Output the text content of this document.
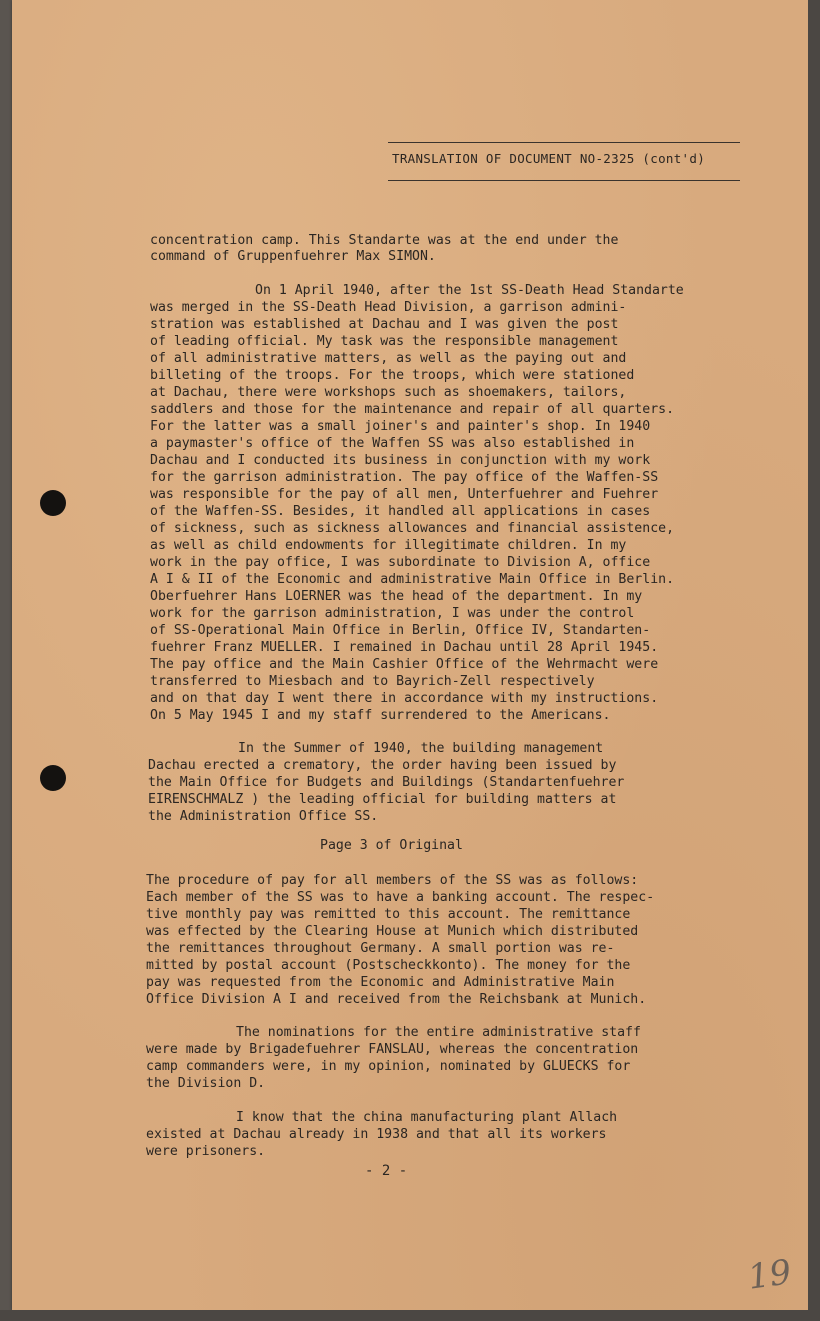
TRANSLATION OF DOCUMENT NO-2325 (cont'd)
concentration camp. This Standarte was at the end under the
command of Gruppenfuehrer Max SIMON.
On 1 April 1940, after the 1st SS-Death Head Standarte
was merged in the SS-Death Head Division, a garrison admini-
stration was established at Dachau and I was given the post
of leading official. My task was the responsible management
of all administrative matters, as well as the paying out and
billeting of the troops. For the troops, which were stationed
at Dachau, there were workshops such as shoemakers, tailors,
saddlers and those for the maintenance and repair of all quarters.
For the latter was a small joiner's and painter's shop. In 1940
a paymaster's office of the Waffen SS was also established in
Dachau and I conducted its business in conjunction with my work
for the garrison administration. The pay office of the Waffen-SS
was responsible for the pay of all men, Unterfuehrer and Fuehrer
of the Waffen-SS. Besides, it handled all applications in cases
of sickness, such as sickness allowances and financial assistence,
as well as child endowments for illegitimate children. In my
work in the pay office, I was subordinate to Division A, office
A I & II of the Economic and administrative Main Office in Berlin.
Oberfuehrer Hans LOERNER was the head of the department. In my
work for the garrison administration, I was under the control
of SS-Operational Main Office in Berlin, Office IV, Standarten-
fuehrer Franz MUELLER. I remained in Dachau until 28 April 1945.
The pay office and the Main Cashier Office of the Wehrmacht were
transferred to Miesbach and to Bayrich-Zell respectively
and on that day I went there in accordance with my instructions.
On 5 May 1945 I and my staff surrendered to the Americans.
In the Summer of 1940, the building management
Dachau erected a crematory, the order having been issued by
the Main Office for Budgets and Buildings (Standartenfuehrer
EIRENSCHMALZ ) the leading official for building matters at
the Administration Office SS.
Page 3 of Original
The procedure of pay for all members of the SS was as follows:
Each member of the SS was to have a banking account. The respec-
tive monthly pay was remitted to this account. The remittance
was effected by the Clearing House at Munich which distributed
the remittances throughout Germany. A small portion was re-
mitted by postal account (Postscheckkonto). The money for the
pay was requested from the Economic and Administrative Main
Office Division A I and received from the Reichsbank at Munich.
The nominations for the entire administrative staff
were made by Brigadefuehrer FANSLAU, whereas the concentration
camp commanders were, in my opinion, nominated by GLUECKS for
the Division D.
I know that the china manufacturing plant Allach
existed at Dachau already in 1938 and that all its workers
were prisoners.
- 2 -
19
